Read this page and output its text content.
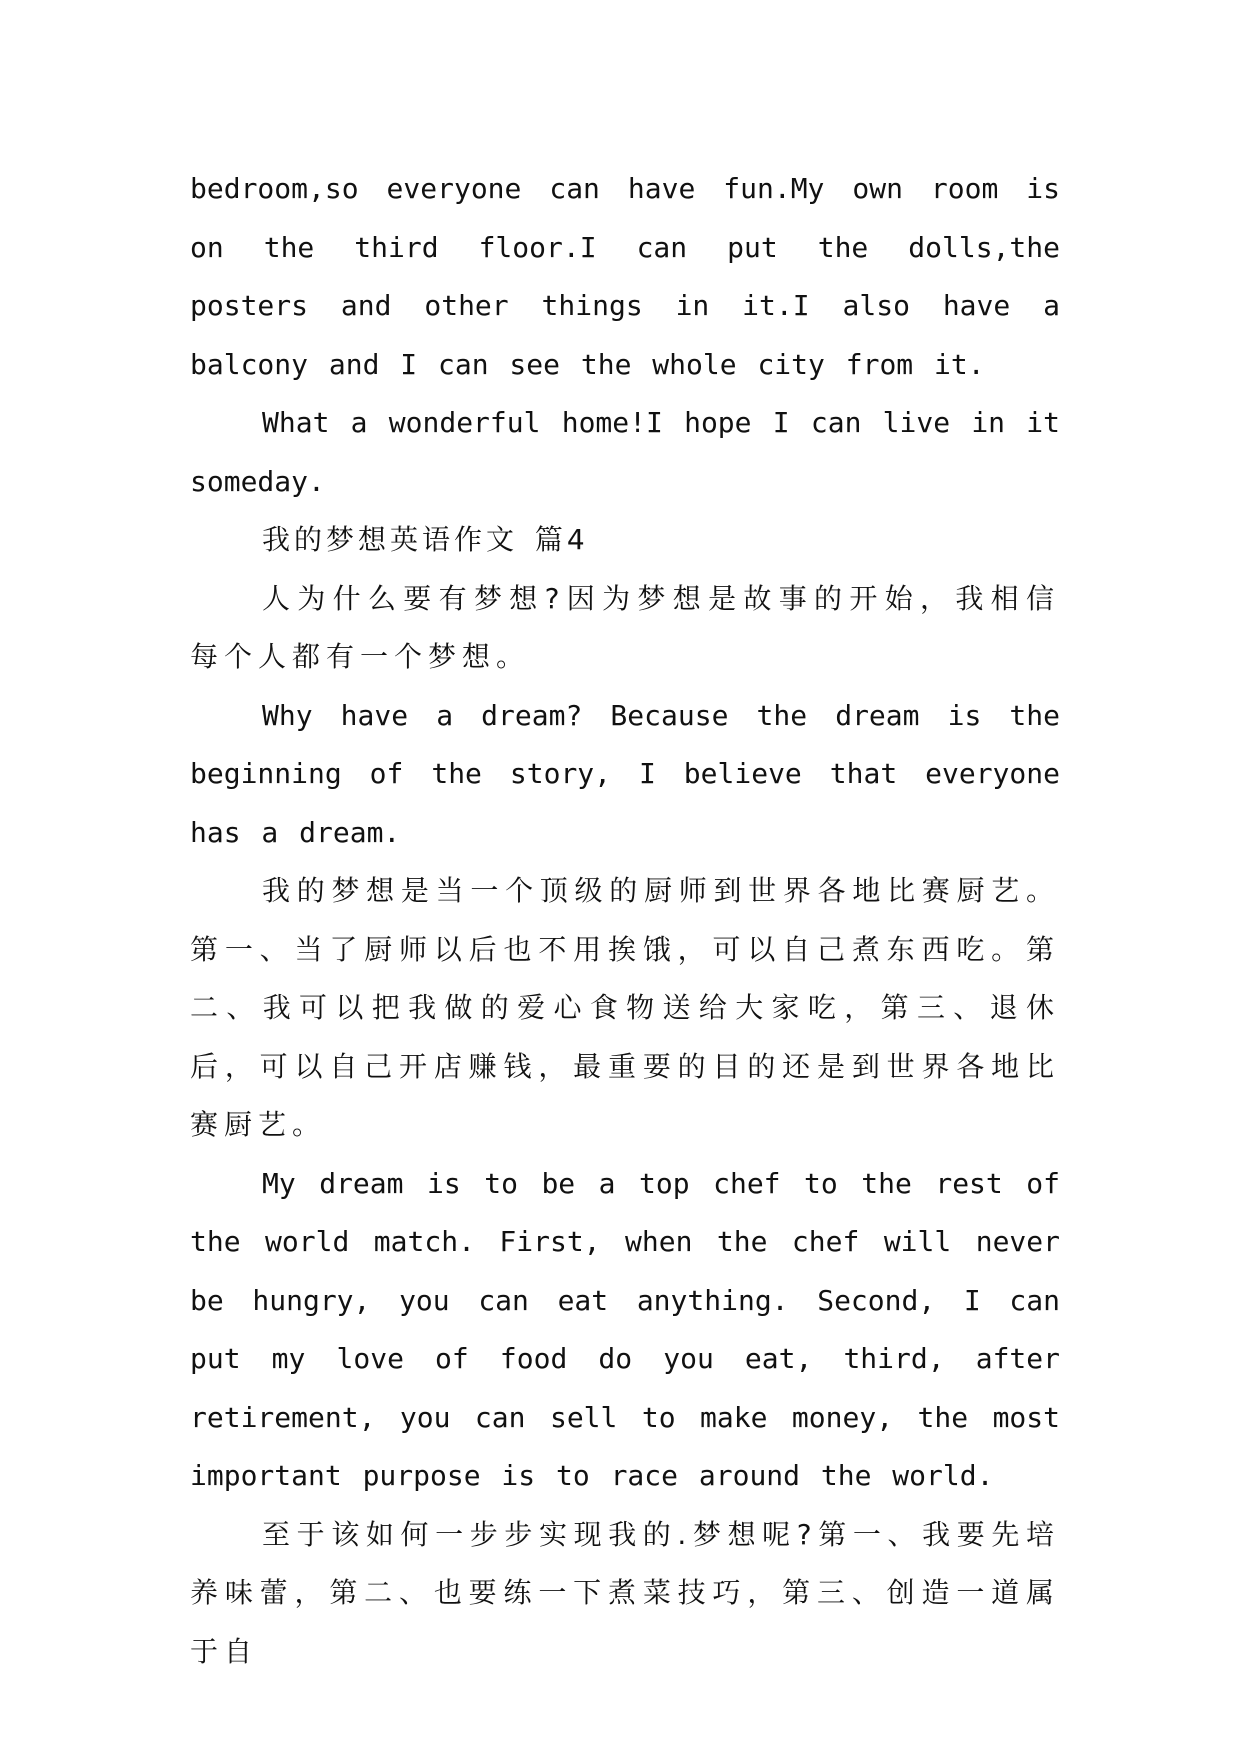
bedroom,so everyone can have fun.My own room is on the third floor.I can put the dolls,the posters and other things in it.I also have a balcony and I can see the whole city from it.

What a wonderful home!I hope I can live in it someday.

我的梦想英语作文 篇4

人为什么要有梦想?因为梦想是故事的开始，我相信每个人都有一个梦想。

Why have a dream? Because the dream is the beginning of the story, I believe that everyone has a dream.

我的梦想是当一个顶级的厨师到世界各地比赛厨艺。第一、当了厨师以后也不用挨饿，可以自己煮东西吃。第二、我可以把我做的爱心食物送给大家吃，第三、退休后，可以自己开店赚钱，最重要的目的还是到世界各地比赛厨艺。

My dream is to be a top chef to the rest of the world match. First, when the chef will never be hungry, you can eat anything. Second, I can put my love of food do you eat, third, after retirement, you can sell to make money, the most important purpose is to race around the world.

至于该如何一步步实现我的.梦想呢?第一、我要先培养味蕾，第二、也要练一下煮菜技巧，第三、创造一道属于自
